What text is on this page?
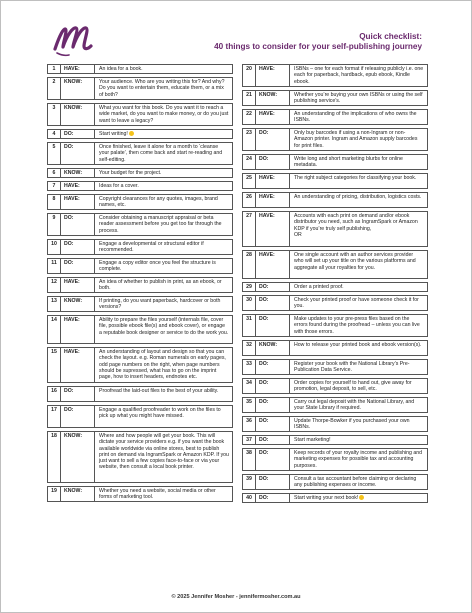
Quick checklist:
40 things to consider for your self-publishing journey
1	HAVE:	An idea for a book.
2	KNOW:	Your audience. Who are you writing this for? And why? Do you want to entertain them, educate them, or a mix of both?
3	KNOW:	What you want for this book. Do you want it to reach a wide market, do you want to make money, or do you just want to leave a legacy?
4	DO:	Start writing!
5	DO:	Once finished, leave it alone for a month to ‘cleanse your palate’, then come back and start re-reading and self-editing.
6	KNOW:	Your budget for the project.
7	HAVE:	Ideas for a cover.
8	HAVE:	Copyright clearances for any quotes, images, brand names, etc.
9	DO:	Consider obtaining a manuscript appraisal or beta reader assessment before you get too far through the process.
10	DO:	Engage a developmental or structural editor if recommended.
11	DO:	Engage a copy editor once you feel the structure is complete.
12	HAVE:	An idea of whether to publish in print, as an ebook, or both.
13	KNOW:	If printing, do you want paperback, hardcover or both versions?
14	HAVE:	Ability to prepare the files yourself (internals file, cover file, possible ebook file(s) and ebook cover), or engage a reputable book designer or service to do the work you.
15	HAVE:	An understanding of layout and design so that you can check the layout. e.g. Roman numerals on early pages, odd page numbers on the right, when page numbers should be supressed, what has to go on the imprint page, how to insert headers, endnotes etc.
16	DO:	Proofread the laid-out files to the best of your ability.
17	DO:	Engage a qualified proofreader to work on the files to pick up what you might have missed.
18	KNOW:	Where and how people will get your book. This will dictate your service providers e.g. if you want the book available worldwide via online stores, best to publish print on demand via IngramSpark or Amazon KDP. If you just want to sell a few copies face-to-face or via your website, then consult a local book printer.
19	KNOW:	Whether you need a website, social media or other forms of marketing tool.
20	HAVE:	ISBNs – one for each format if releasing publicly i.e. one each for paperback, hardback, epub ebook, Kindle ebook.
21	KNOW:	Whether you’re buying your own ISBNs or using the self publishing service’s.
22	HAVE:	An understanding of the implications of who owns the ISBNs.
23	DO:	Only buy barcodes if using a non-Ingram or non-Amazon printer. Ingram and Amazon supply barcodes for print files.
24	DO:	Write long and short marketing blurbs for online metadata.
25	HAVE:	The right subject categories for classifying your book.
26	HAVE:	An understanding of pricing, distribution, logistics costs.
27	HAVE:	Accounts with each print on demand and/or ebook distributor you need, such as IngramSpark or Amazon KDP if you’re truly self publishing,
OR
28	HAVE:	One single account with an author services provider who will set up your title on the various platforms and aggregate all your royalties for you.
29	DO:	Order a printed proof.
30	DO:	Check your printed proof or have someone check it for you.
31	DO:	Make updates to your pre-press files based on the errors found during the proofread – unless you can live with those errors.
32	KNOW:	How to release your printed book and ebook version(s).
33	DO:	Register your book with the National Library’s Pre-Publication Data Service.
34	DO:	Order copies for yourself to hand out, give away for promotion, legal deposit, to sell, etc.
35	DO:	Carry out legal deposit with the National Library, and your State Library if required.
36	DO:	Update Thorpe-Bowker if you purchased your own ISBNs.
37	DO:	Start marketing!
38	DO:	Keep records of your royalty income and publishing and marketing expenses for possible tax and accounting purposes.
39	DO:	Consult a tax accountant before claiming or declaring any publishing expenses or income.
40	DO:	Start writing your next book!
© 2025 Jennifer Mosher - jennifermosher.com.au
